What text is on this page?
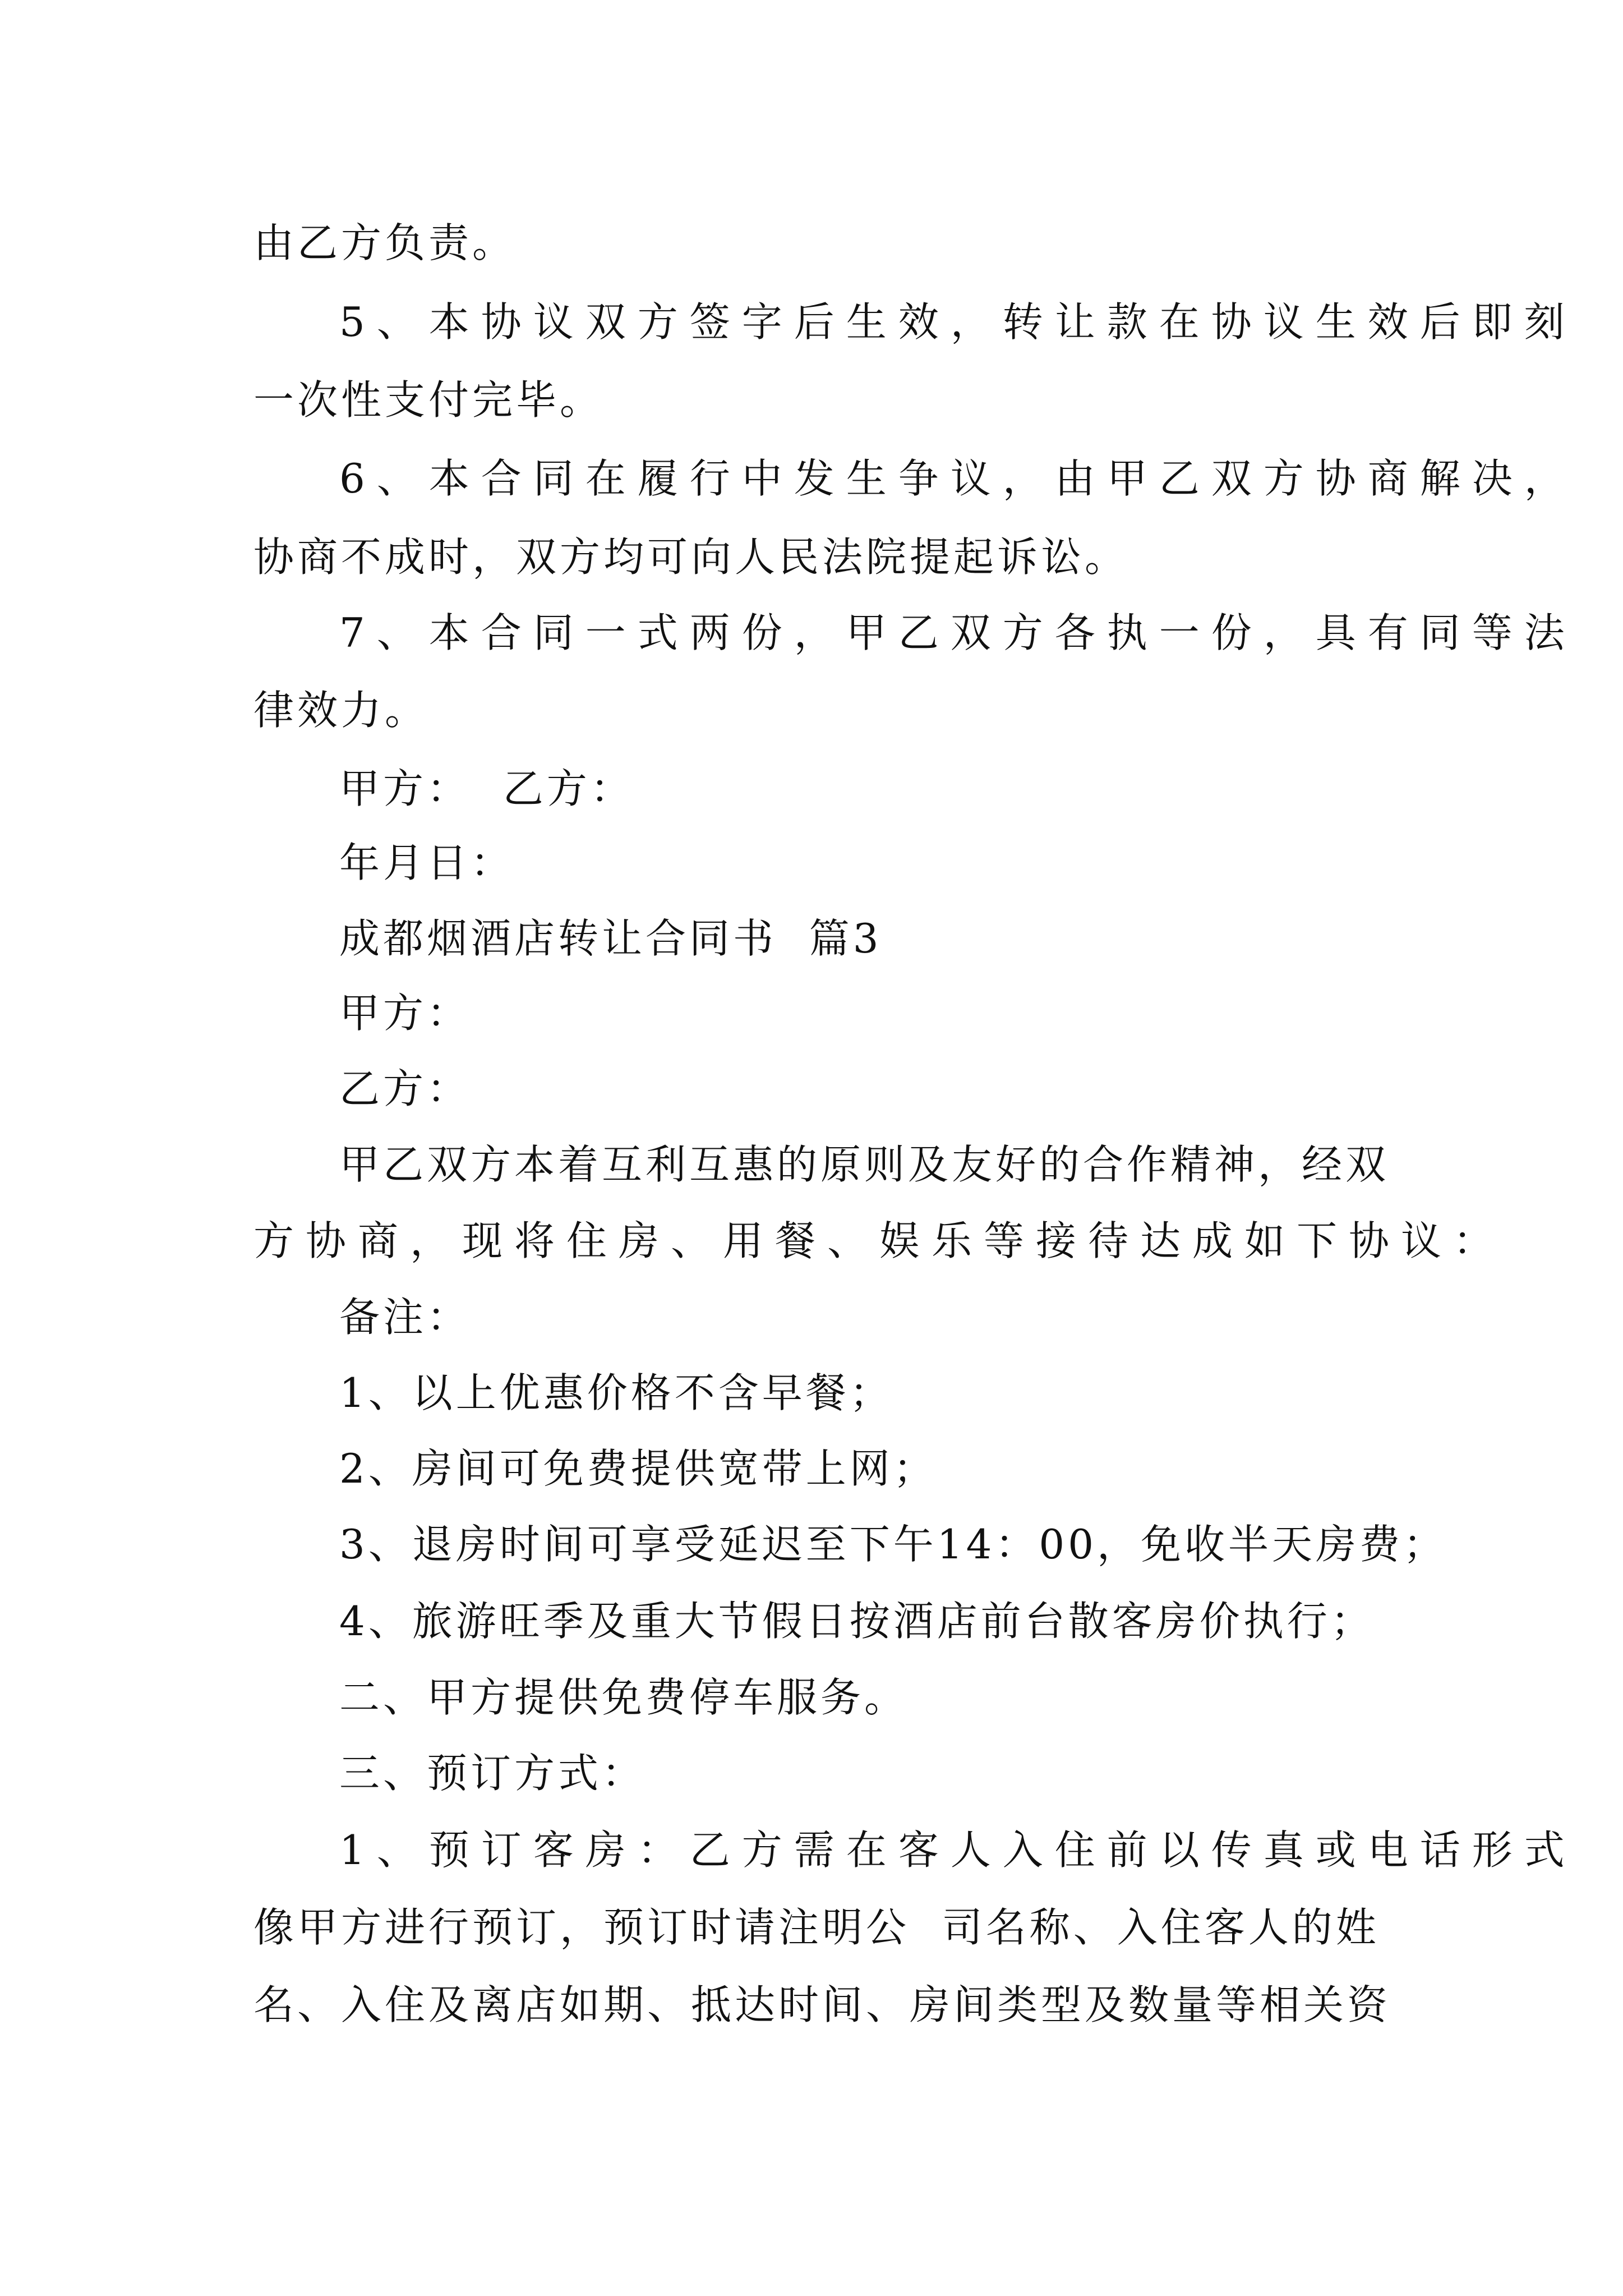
由乙方负责。
5、本协议双方签字后生效，转让款在协议生效后即刻
一次性支付完毕。
6、本合同在履行中发生争议，由甲乙双方协商解决，
协商不成时，双方均可向人民法院提起诉讼。
7、本合同一式两份，甲乙双方各执一份，具有同等法
律效力。
甲方：  乙方：
年月日：
成都烟酒店转让合同书  篇3
甲方：
乙方：
甲乙双方本着互利互惠的原则及友好的合作精神，经双
方协商，现将住房、用餐、娱乐等接待达成如下协议：
备注：
1、以上优惠价格不含早餐；
2、房间可免费提供宽带上网；
3、退房时间可享受延迟至下午14：00，免收半天房费；
4、旅游旺季及重大节假日按酒店前台散客房价执行；
二、甲方提供免费停车服务。
三、预订方式：
1、预订客房：乙方需在客人入住前以传真或电话形式
像甲方进行预订，预订时请注明公  司名称、入住客人的姓
名、入住及离店如期、抵达时间、房间类型及数量等相关资
